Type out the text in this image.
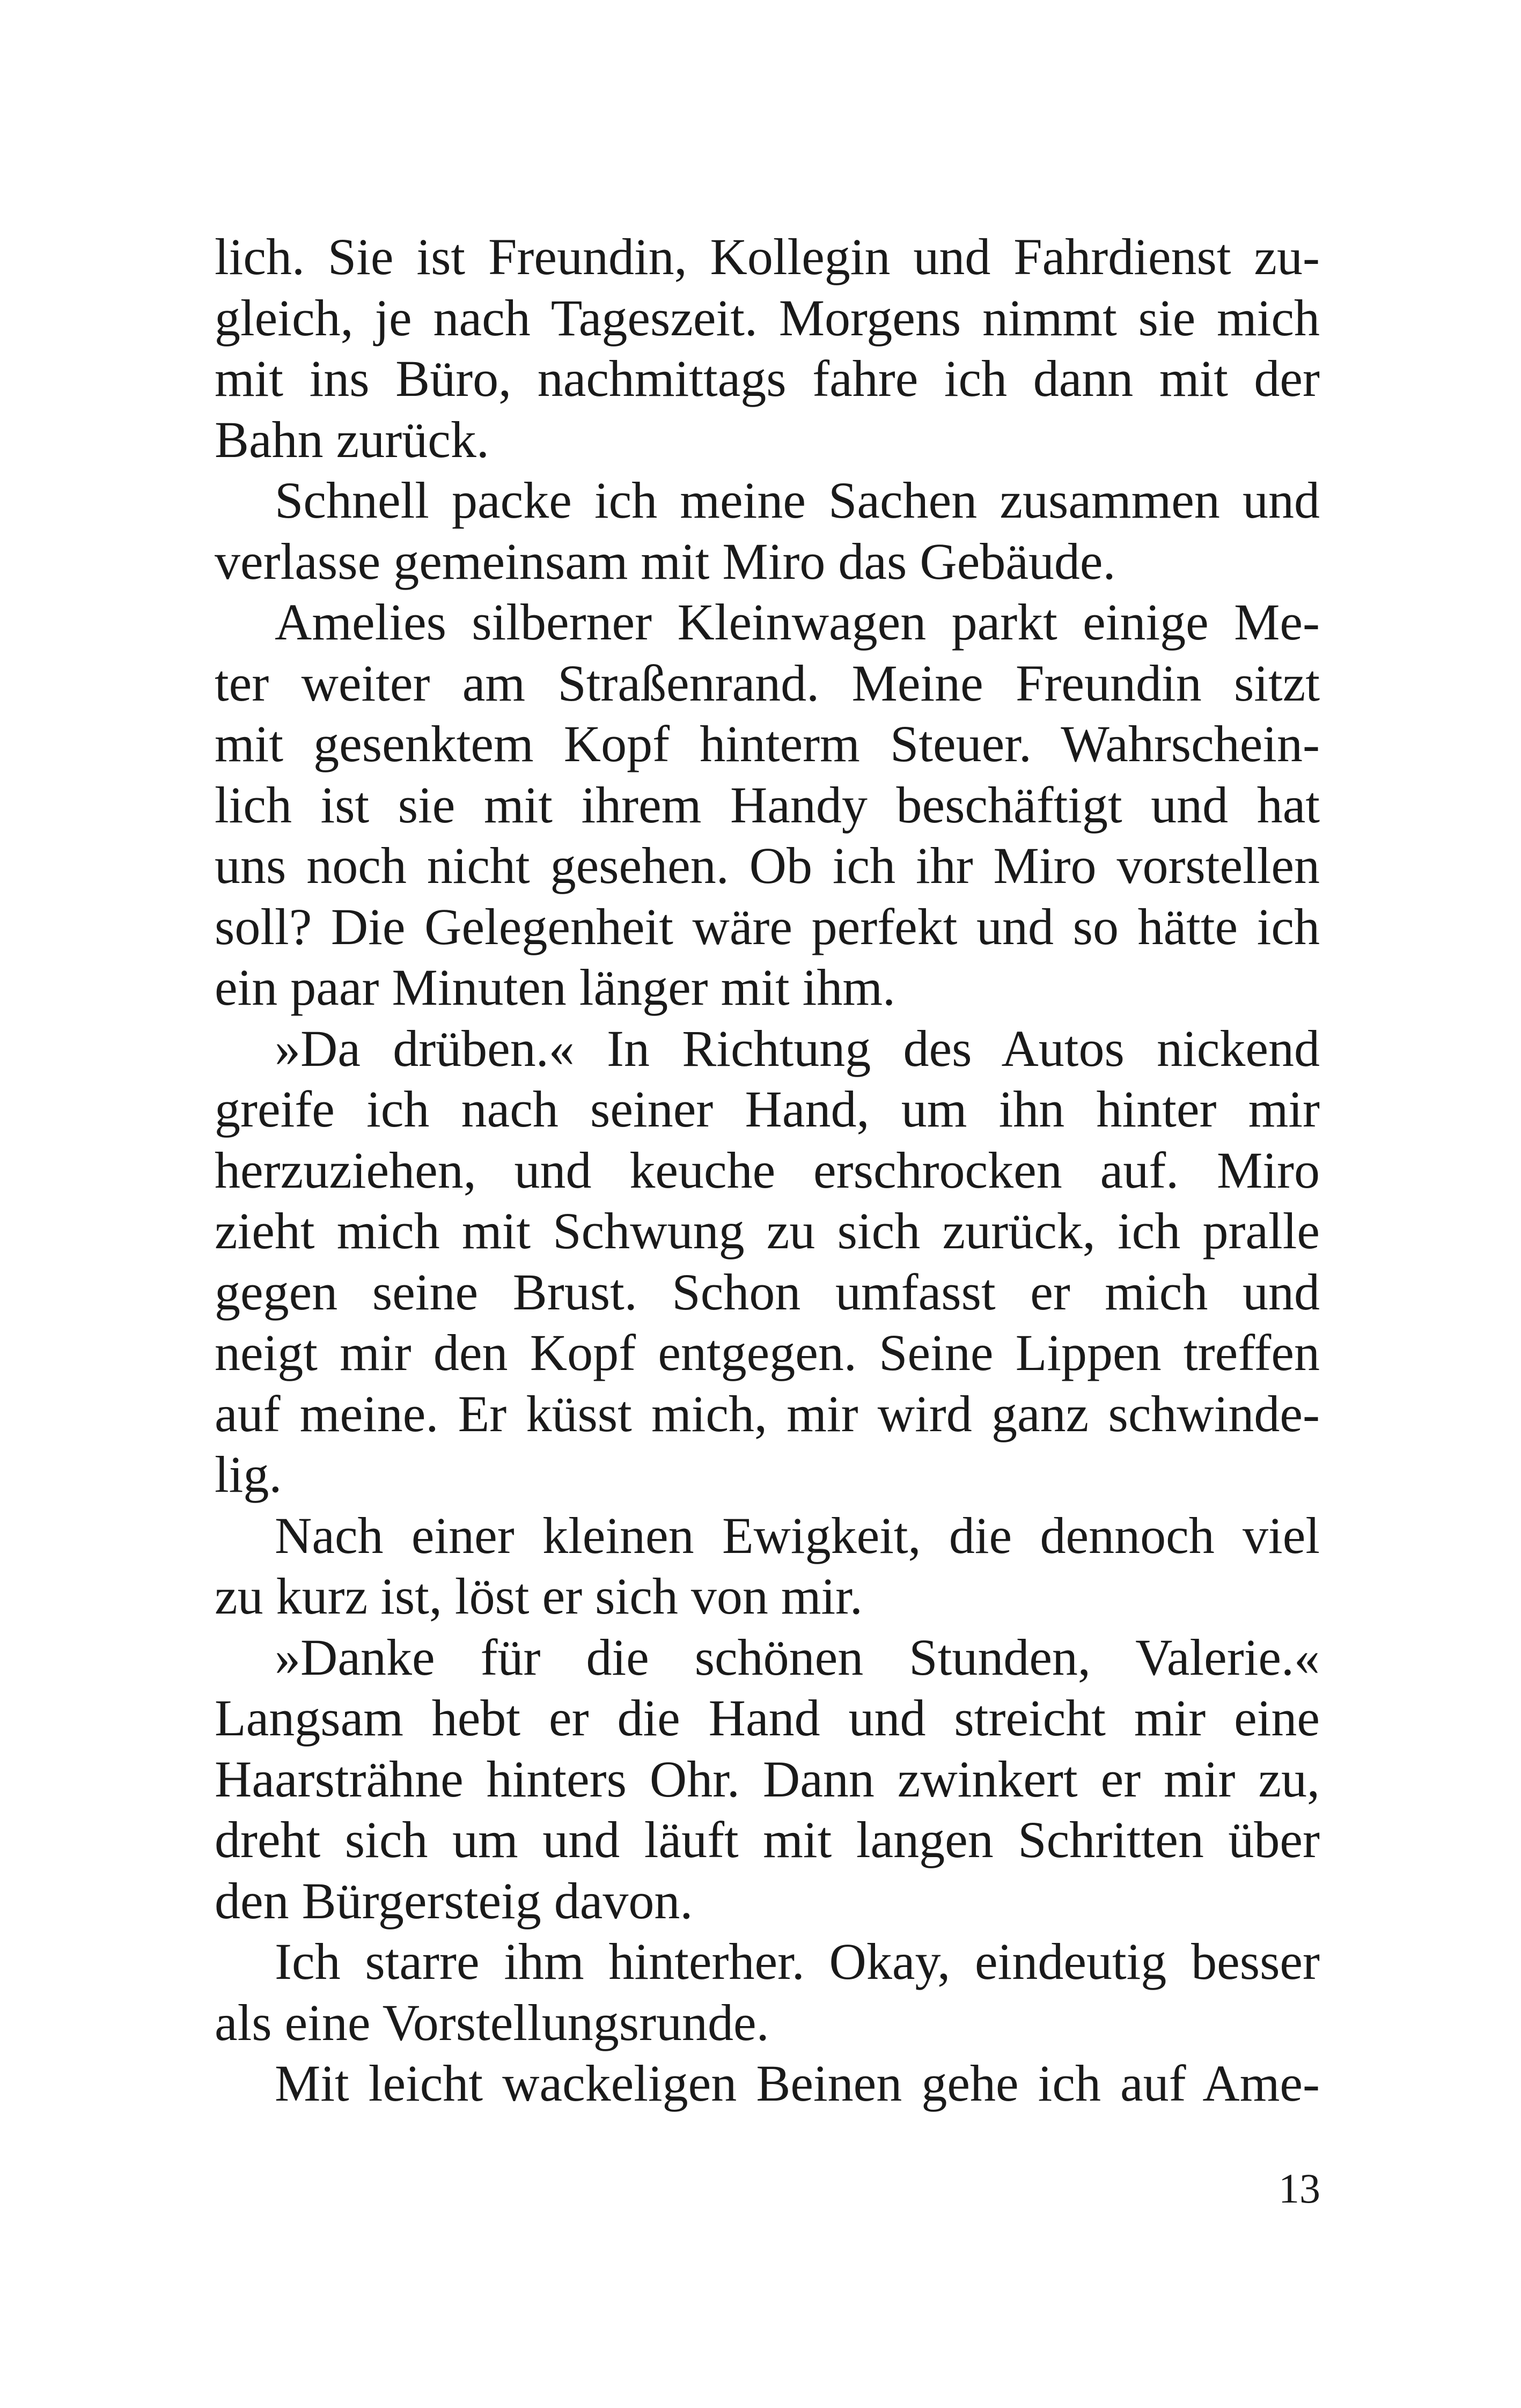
lich. Sie ist Freundin, Kollegin und Fahrdienst zu-
gleich, je nach Tageszeit. Morgens nimmt sie mich
mit ins Büro, nachmittags fahre ich dann mit der
Bahn zurück.
Schnell packe ich meine Sachen zusammen und
verlasse gemeinsam mit Miro das Gebäude.
Amelies silberner Kleinwagen parkt einige Me-
ter weiter am Straßenrand. Meine Freundin sitzt
mit gesenktem Kopf hinterm Steuer. Wahrschein-
lich ist sie mit ihrem Handy beschäftigt und hat
uns noch nicht gesehen. Ob ich ihr Miro vorstellen
soll? Die Gelegenheit wäre perfekt und so hätte ich
ein paar Minuten länger mit ihm.
»Da drüben.« In Richtung des Autos nickend
greife ich nach seiner Hand, um ihn hinter mir
herzuziehen, und keuche erschrocken auf. Miro
zieht mich mit Schwung zu sich zurück, ich pralle
gegen seine Brust. Schon umfasst er mich und
neigt mir den Kopf entgegen. Seine Lippen treffen
auf meine. Er küsst mich, mir wird ganz schwinde-
lig.
Nach einer kleinen Ewigkeit, die dennoch viel
zu kurz ist, löst er sich von mir.
»Danke für die schönen Stunden, Valerie.«
Langsam hebt er die Hand und streicht mir eine
Haarsträhne hinters Ohr. Dann zwinkert er mir zu,
dreht sich um und läuft mit langen Schritten über
den Bürgersteig davon.
Ich starre ihm hinterher. Okay, eindeutig besser
als eine Vorstellungsrunde.
Mit leicht wackeligen Beinen gehe ich auf Ame-
13
